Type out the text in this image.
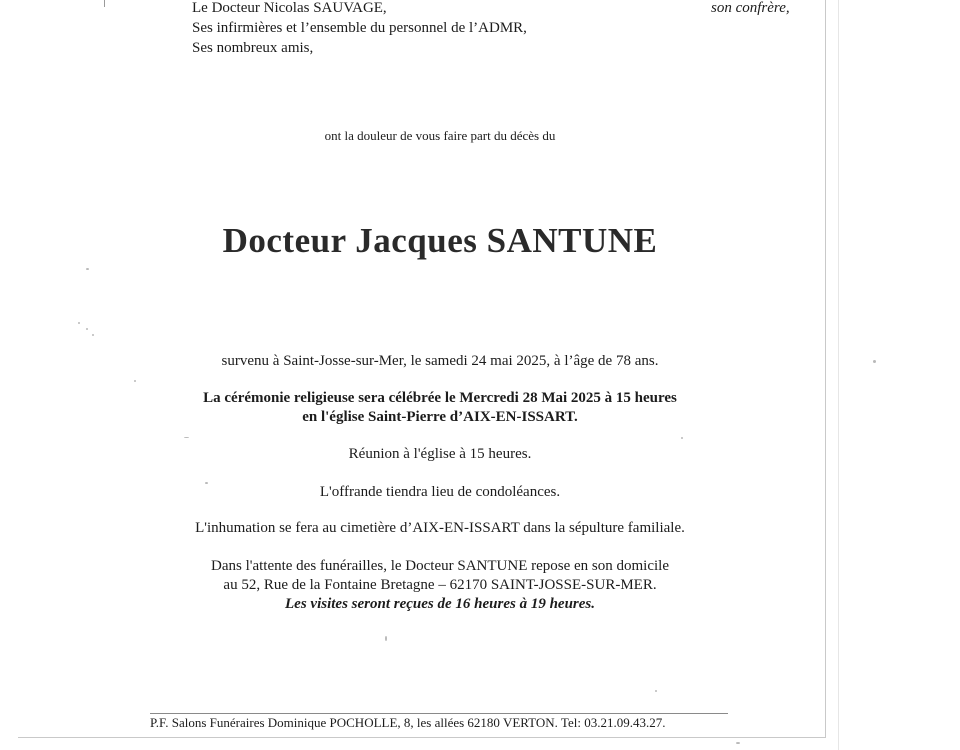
Le Docteur Nicolas SAUVAGE,
Ses infirmières et l’ensemble du personnel de l’ADMR,
Ses nombreux amis,
son confrère,
ont la douleur de vous faire part du décès du
Docteur Jacques SANTUNE
survenu à Saint-Josse-sur-Mer, le samedi 24 mai 2025, à l’âge de 78 ans.
La cérémonie religieuse sera célébrée le Mercredi 28 Mai 2025 à 15 heures
en l'église Saint-Pierre d’AIX-EN-ISSART.
Réunion à l'église à 15 heures.
L'offrande tiendra lieu de condoléances.
L'inhumation se fera au cimetière d’AIX-EN-ISSART dans la sépulture familiale.
Dans l'attente des funérailles, le Docteur SANTUNE repose en son domicile
au 52, Rue de la Fontaine Bretagne – 62170 SAINT-JOSSE-SUR-MER.
Les visites seront reçues de 16 heures à 19 heures.
P.F. Salons Funéraires Dominique POCHOLLE, 8, les allées 62180 VERTON. Tel: 03.21.09.43.27.
